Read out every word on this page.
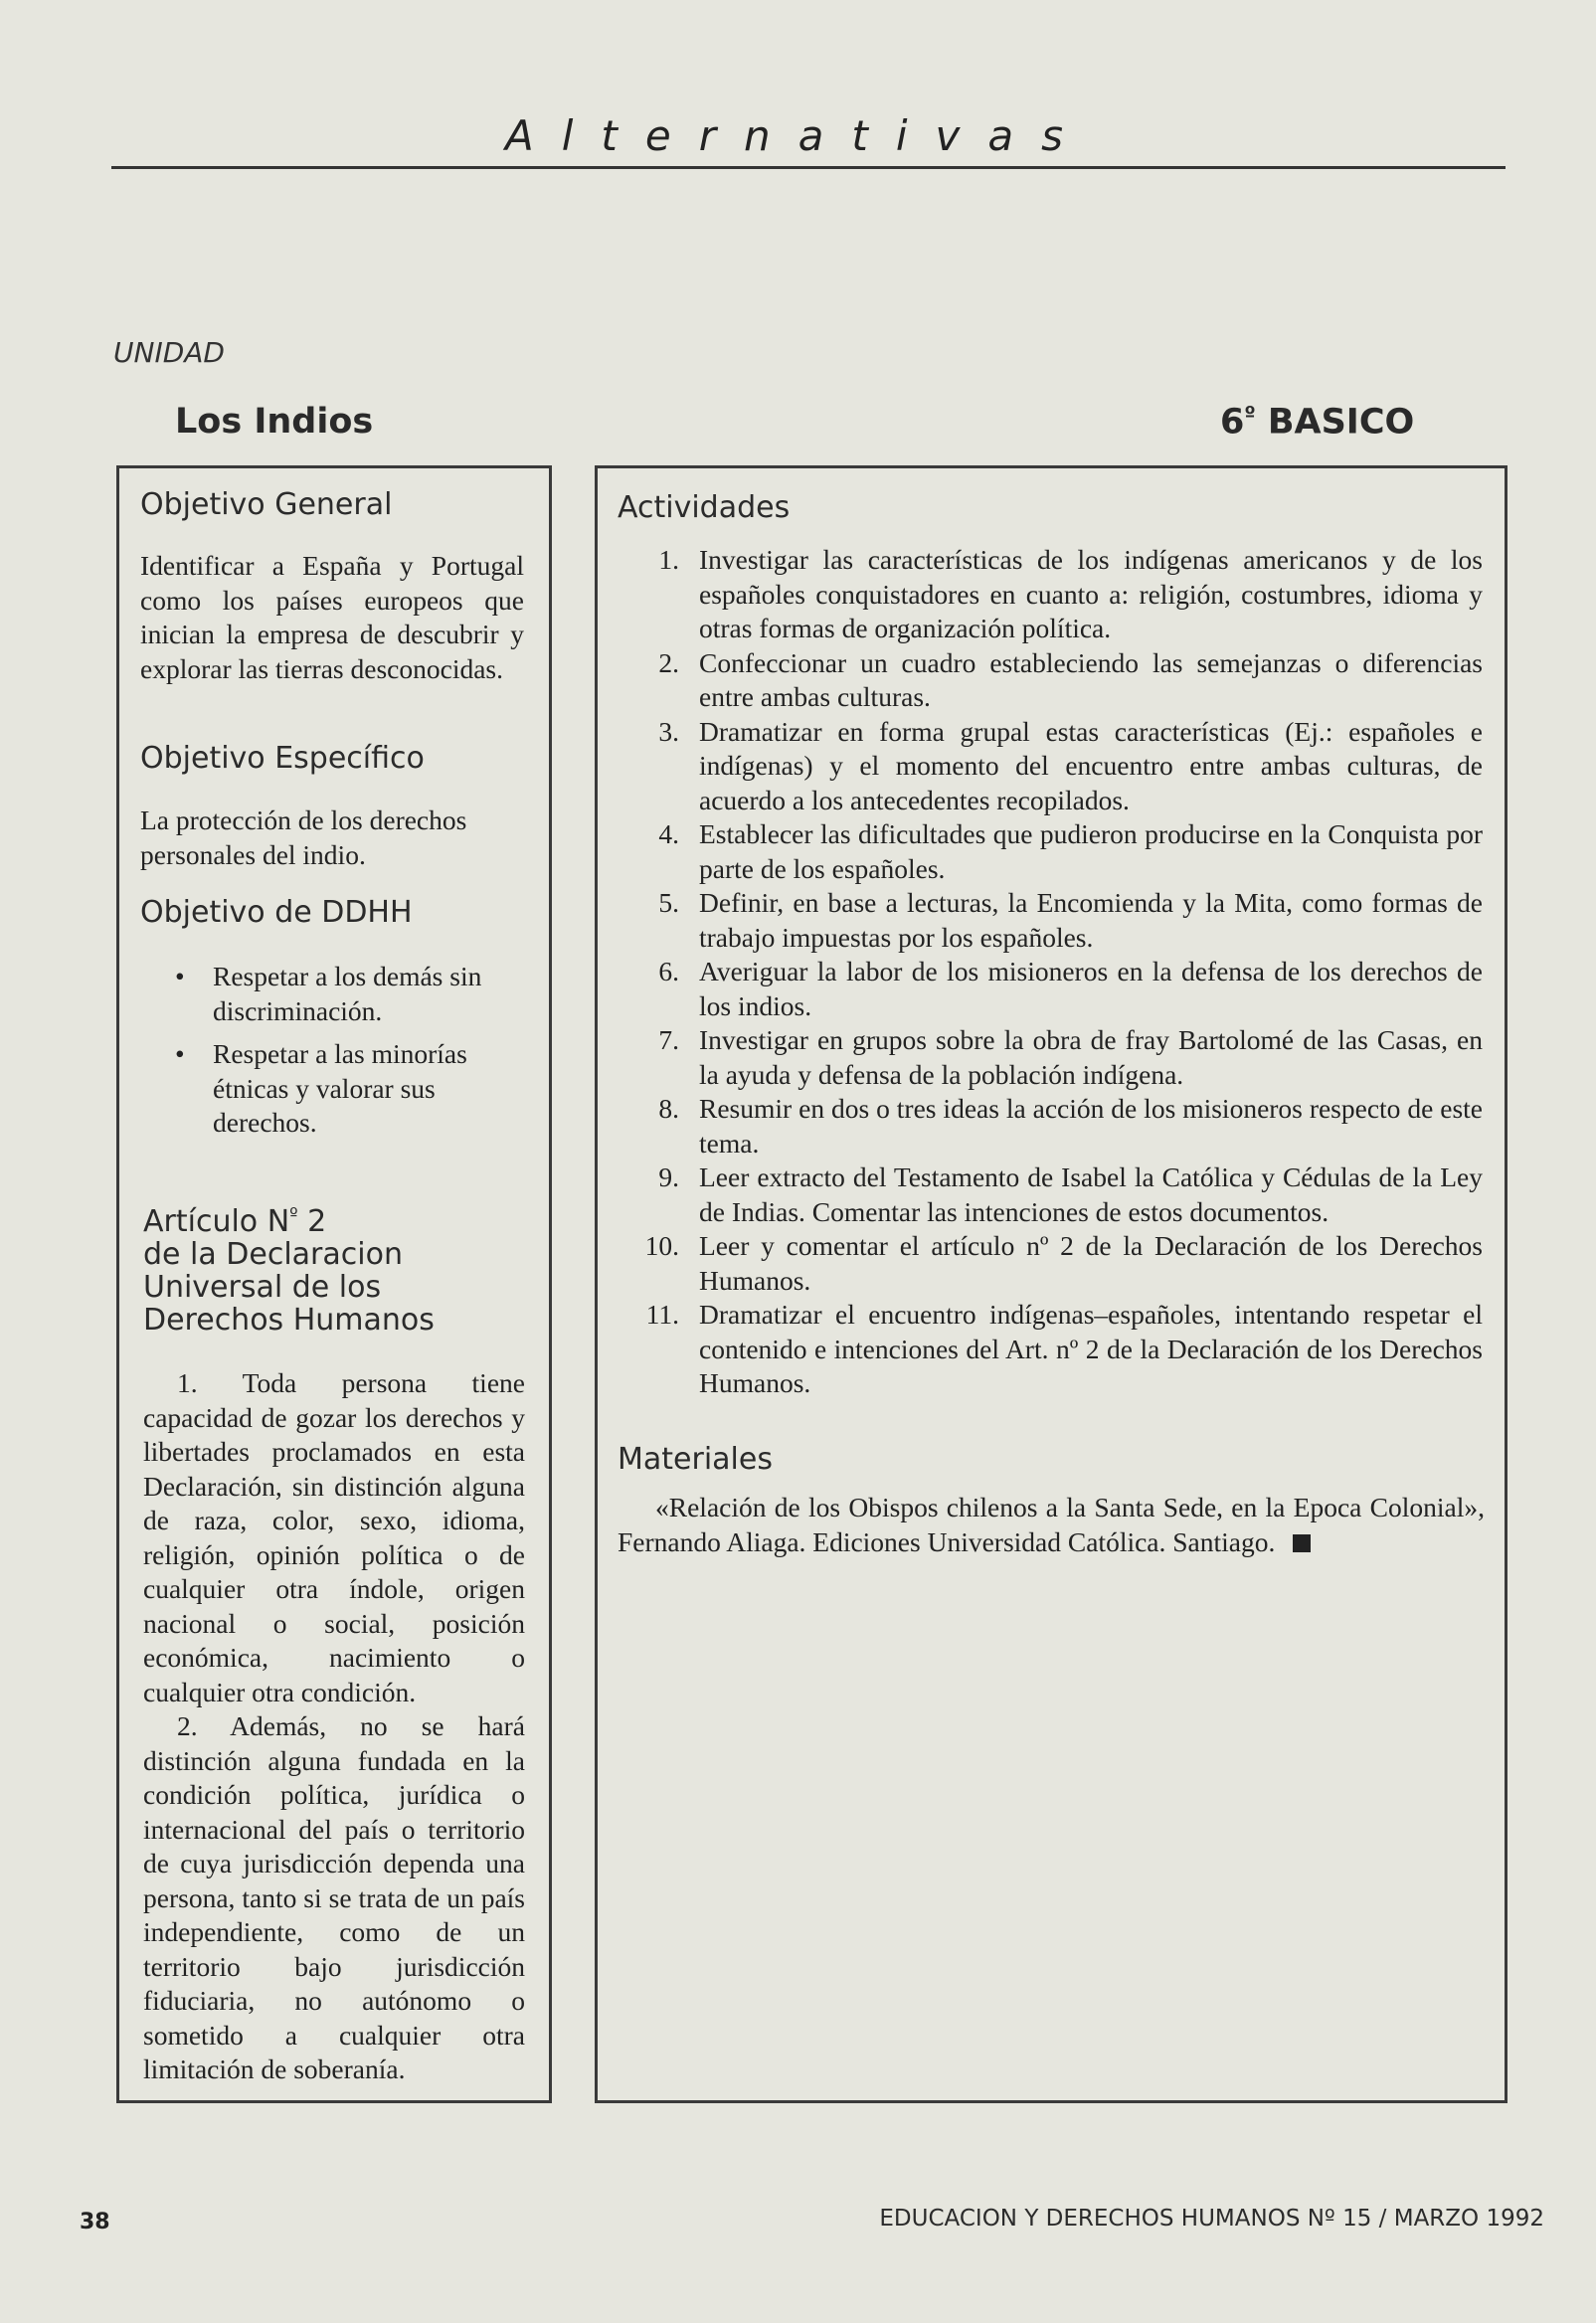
Alternativas
UNIDAD
Los Indios	$6^º$ BASICO
Objetivo General

Identificar a España y Portugal como los países europeos que inician la empresa de descubrir y explorar las tierras desconocidas.

Objetivo Específico

La protección de los derechos personales del indio.

Objetivo de DDHH
• Respetar a los demás sin discriminación.
• Respetar a las minorías étnicas y valorar sus derechos.
Artículo $N^º$ 2
de la Declaracion
Universal de los
Derechos Humanos

1. Toda persona tiene capacidad de gozar los derechos y libertades proclamados en esta Declaración, sin distinción alguna de raza, color, sexo, idioma, religión, opinión política o de cualquier otra índole, origen nacional o social, posición económica, nacimiento o cualquier otra condición.

2. Además, no se hará distinción alguna fundada en la condición política, jurídica o internacional del país o territorio de cuya jurisdicción dependa una persona, tanto si se trata de un país independiente, como de un territorio bajo jurisdicción fiduciaria, no autónomo o sometido a cualquier otra limitación de soberanía.

Actividades
1. Investigar las características de los indígenas americanos y de los españoles conquistadores en cuanto a: religión, costumbres, idioma y otras formas de organización política.
2. Confeccionar un cuadro estableciendo las semejanzas o diferencias entre ambas culturas.
3. Dramatizar en forma grupal estas características (Ej.: españoles e indígenas) y el momento del encuentro entre ambas culturas, de acuerdo a los antecedentes recopilados.
4. Establecer las dificultades que pudieron producirse en la Conquista por parte de los españoles.
5. Definir, en base a lecturas, la Encomienda y la Mita, como formas de trabajo impuestas por los españoles.
6. Averiguar la labor de los misioneros en la defensa de los derechos de los indios.
7. Investigar en grupos sobre la obra de fray Bartolomé de las Casas, en la ayuda y defensa de la población indígena.
8. Resumir en dos o tres ideas la acción de los misioneros respecto de este tema.
9. Leer extracto del Testamento de Isabel la Católica y Cédulas de la Ley de Indias. Comentar las intenciones de estos documentos.
10. Leer y comentar el artículo nº 2 de la Declaración de los Derechos Humanos.
11. Dramatizar el encuentro indígenas–españoles, intentando respetar el contenido e intenciones del Art. nº 2 de la Declaración de los Derechos Humanos.
Materiales

«Relación de los Obispos chilenos a la Santa Sede, en la Epoca Colonial», Fernando Aliaga. Ediciones Universidad Católica. Santiago.

38	EDUCACION Y DERECHOS HUMANOS Nº 15 / MARZO 1992
